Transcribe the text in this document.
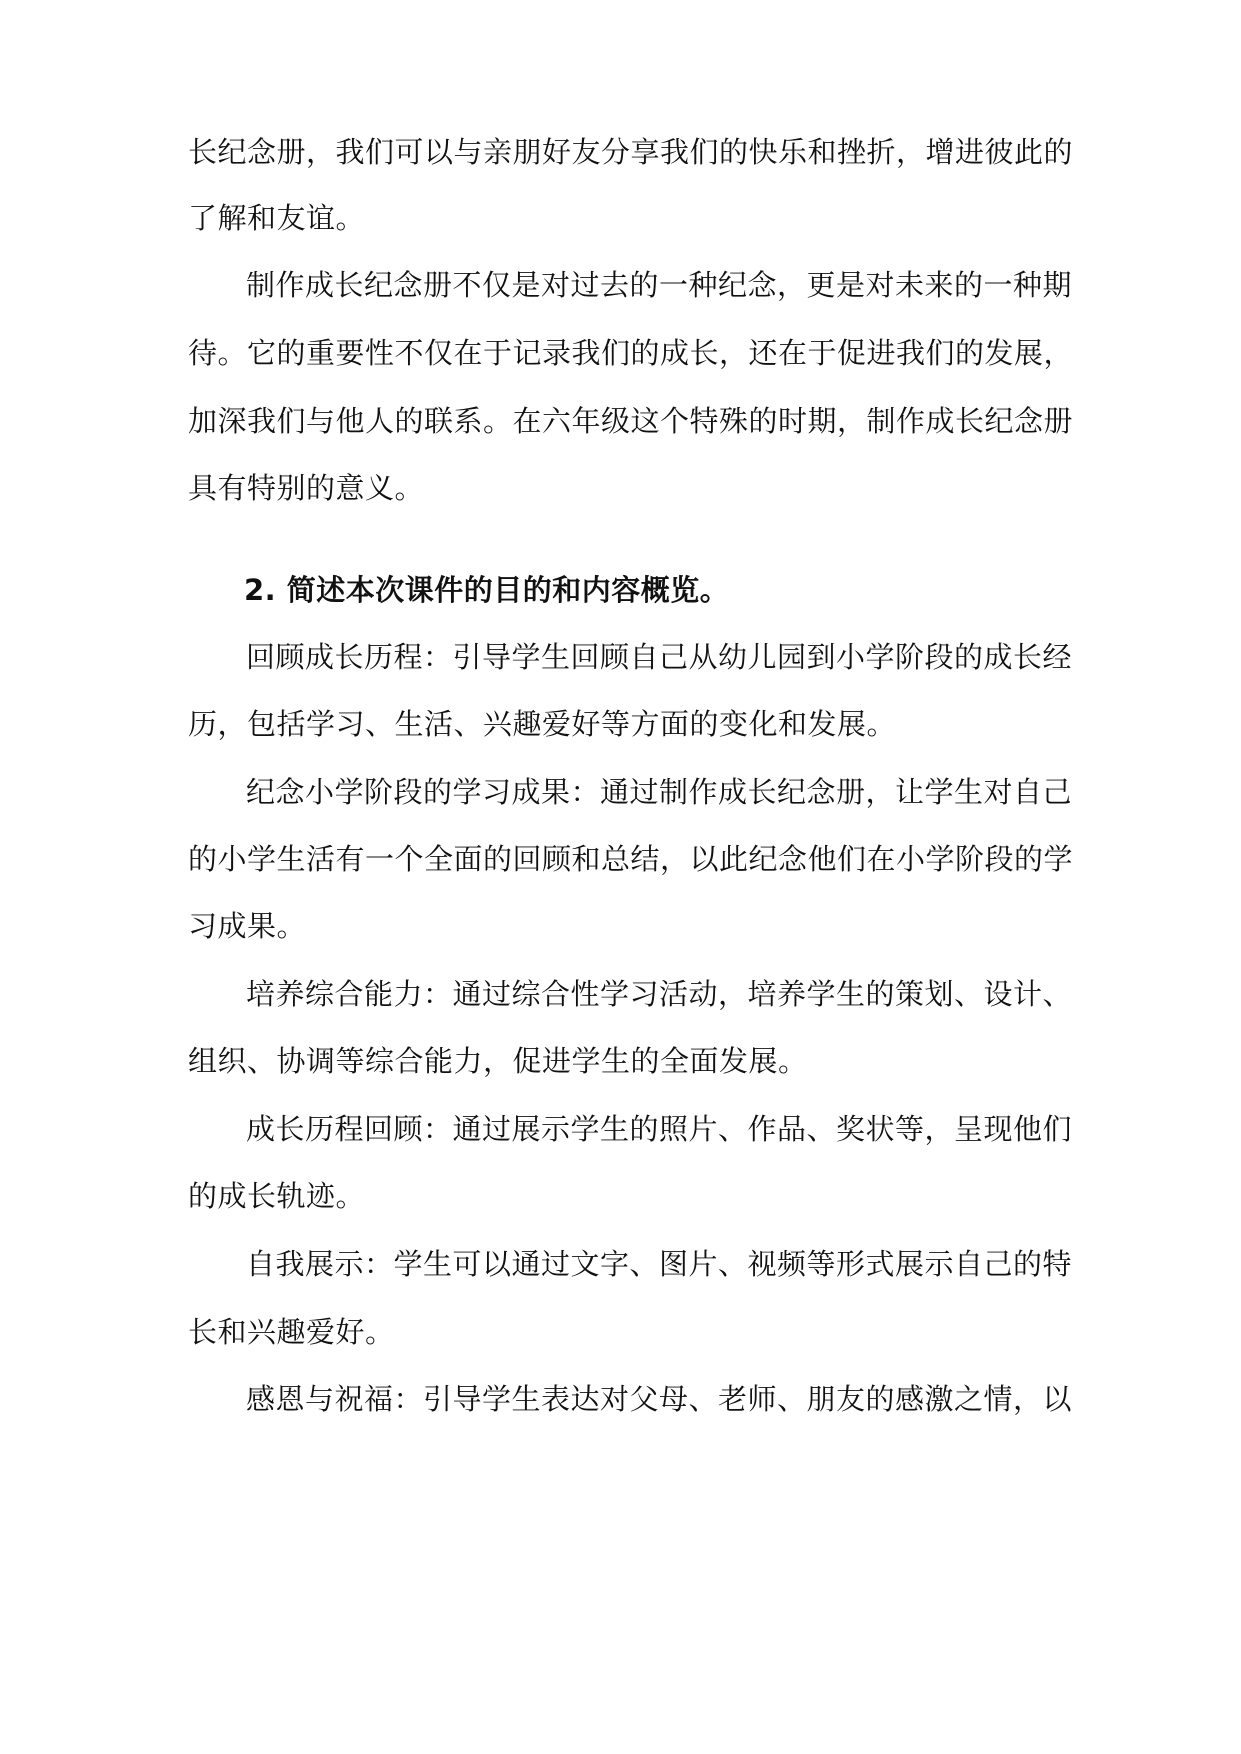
长纪念册，我们可以与亲朋好友分享我们的快乐和挫折，增进彼此的
了解和友谊。
制作成长纪念册不仅是对过去的一种纪念，更是对未来的一种期
待。它的重要性不仅在于记录我们的成长，还在于促进我们的发展，
加深我们与他人的联系。在六年级这个特殊的时期，制作成长纪念册
具有特别的意义。
2. 简述本次课件的目的和内容概览。
回顾成长历程：引导学生回顾自己从幼儿园到小学阶段的成长经
历，包括学习、生活、兴趣爱好等方面的变化和发展。
纪念小学阶段的学习成果：通过制作成长纪念册，让学生对自己
的小学生活有一个全面的回顾和总结，以此纪念他们在小学阶段的学
习成果。
培养综合能力：通过综合性学习活动，培养学生的策划、设计、
组织、协调等综合能力，促进学生的全面发展。
成长历程回顾：通过展示学生的照片、作品、奖状等，呈现他们
的成长轨迹。
自我展示：学生可以通过文字、图片、视频等形式展示自己的特
长和兴趣爱好。
感恩与祝福：引导学生表达对父母、老师、朋友的感激之情，以
